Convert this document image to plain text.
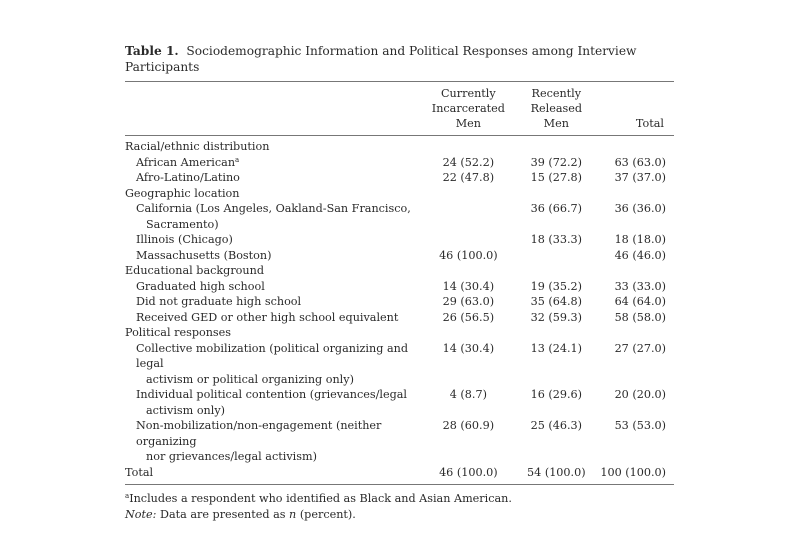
Table 1. Sociodemographic Information and Political Responses among Interview Participants

	Currently
Incarcerated
Men	Recently
Released
Men	Total
Racial/ethnic distribution			
African American$^a$	24 (52.2)	39 (72.2)	63 (63.0)
Afro-Latino/Latino	22 (47.8)	15 (27.8)	37 (37.0)
Geographic location			
California (Los Angeles, Oakland-San Francisco,
Sacramento)		36 (66.7)	36 (36.0)
Illinois (Chicago)		18 (33.3)	18 (18.0)
Massachusetts (Boston)	46 (100.0)		46 (46.0)
Educational background			
Graduated high school	14 (30.4)	19 (35.2)	33 (33.0)
Did not graduate high school	29 (63.0)	35 (64.8)	64 (64.0)
Received GED or other high school equivalent	26 (56.5)	32 (59.3)	58 (58.0)
Political responses			
Collective mobilization (political organizing and legal
activism or political organizing only)	14 (30.4)	13 (24.1)	27 (27.0)
Individual political contention (grievances/legal
activism only)	4 (8.7)	16 (29.6)	20 (20.0)
Non-mobilization/non-engagement (neither organizing
nor grievances/legal activism)	28 (60.9)	25 (46.3)	53 (53.0)
Total	46 (100.0)	54 (100.0)	100 (100.0)
$^a$Includes a respondent who identified as Black and Asian American.
Note: Data are presented as n (percent).
